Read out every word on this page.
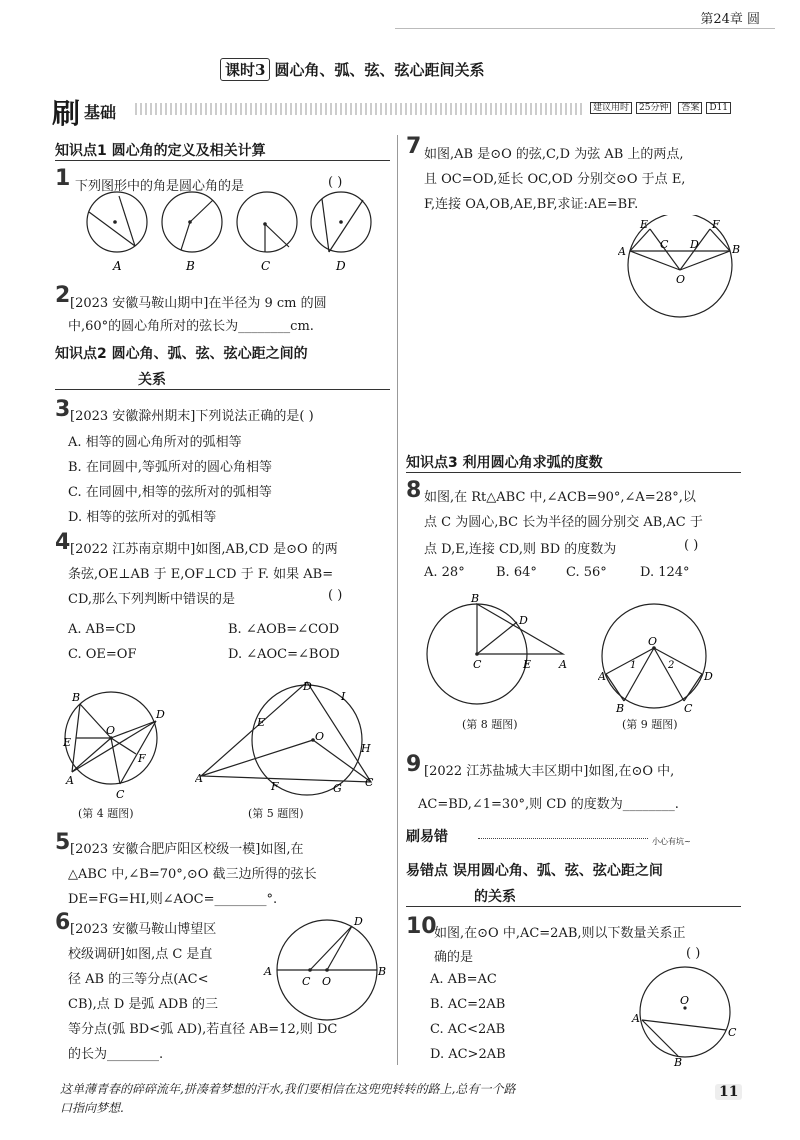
第24章 圆
课时3 圆心角、弧、弦、弦心距间关系
刷 基础	建议用时 25分钟 答案 D11
知识点1 圆心角的定义及相关计算
1 下列图形中的角是圆心角的是	( )
A	B	C	D
2 [2023 安徽马鞍山期中]在半径为 9 cm 的圆
中,60°的圆心角所对的弦长为________cm.
知识点2 圆心角、弧、弦、弦心距之间的
关系
3 [2023 安徽滁州期末]下列说法正确的是( )
A. 相等的圆心角所对的弧相等
B. 在同圆中,等弧所对的圆心角相等
C. 在同圆中,相等的弦所对的弧相等
D. 相等的弦所对的弧相等
4 [2022 江苏南京期中]如图,AB,CD 是⊙O 的两
条弦,OE⊥AB 于 E,OF⊥CD 于 F. 如果 AB=
CD,那么下列判断中错误的是	( )
A. AB=CD	B. ∠AOB=∠COD
C. OE=OF	D. ∠AOC=∠BOD
B
E
A
O
D
F
C
(第 4 题图)
A
D
I
E
O
H
F	G C
(第 5 题图)
5 [2023 安徽合肥庐阳区校级一模]如图,在
△ABC 中,∠B=70°,⊙O 截三边所得的弦长
DE=FG=HI,则∠AOC=________°.
6 [2023 安徽马鞍山博望区
校级调研]如图,点 C 是直
径 AB 的三等分点(AC<
CB),点 D 是弧 ADB 的三
等分点(弧 BD<弧 AD),若直径 AB=12,则 DC
的长为________.
A	B
C O
D
7 如图,AB 是⊙O 的弦,C,D 为弦 AB 上的两点,
且 OC=OD,延长 OC,OD 分别交⊙O 于点 E,
F,连接 OA,OB,AE,BF,求证:AE=BF.
A	B
E	F
C D
O
知识点3 利用圆心角求弧的度数
8 如图,在 Rt△ABC 中,∠ACB=90°,∠A=28°,以
点 C 为圆心,BC 长为半径的圆分别交 AB,AC 于
点 D,E,连接 CD,则 BD 的度数为	( )
A. 28° B. 64° C. 56°	D. 124°
B
D
C	E	A
(第 8 题图)
O
A	D
B	C
1	2
(第 9 题图)
9 [2022 江苏盐城大丰区期中]如图,在⊙O 中,
AC=BD,∠1=30°,则 CD 的度数为________.
刷易错	小心有坑~
易错点 误用圆心角、弧、弦、弦心距之间
的关系
10
如图,在⊙O 中,AC=2AB,则以下数量关系正
确的是	( )
A. AB=AC
B. AC=2AB
C. AC<2AB
D. AC>2AB
O
A
C
B
这单薄青春的碎碎流年,拼凑着梦想的汗水,我们要相信在这兜兜转转的路上,总有一个路
口指向梦想.
11
